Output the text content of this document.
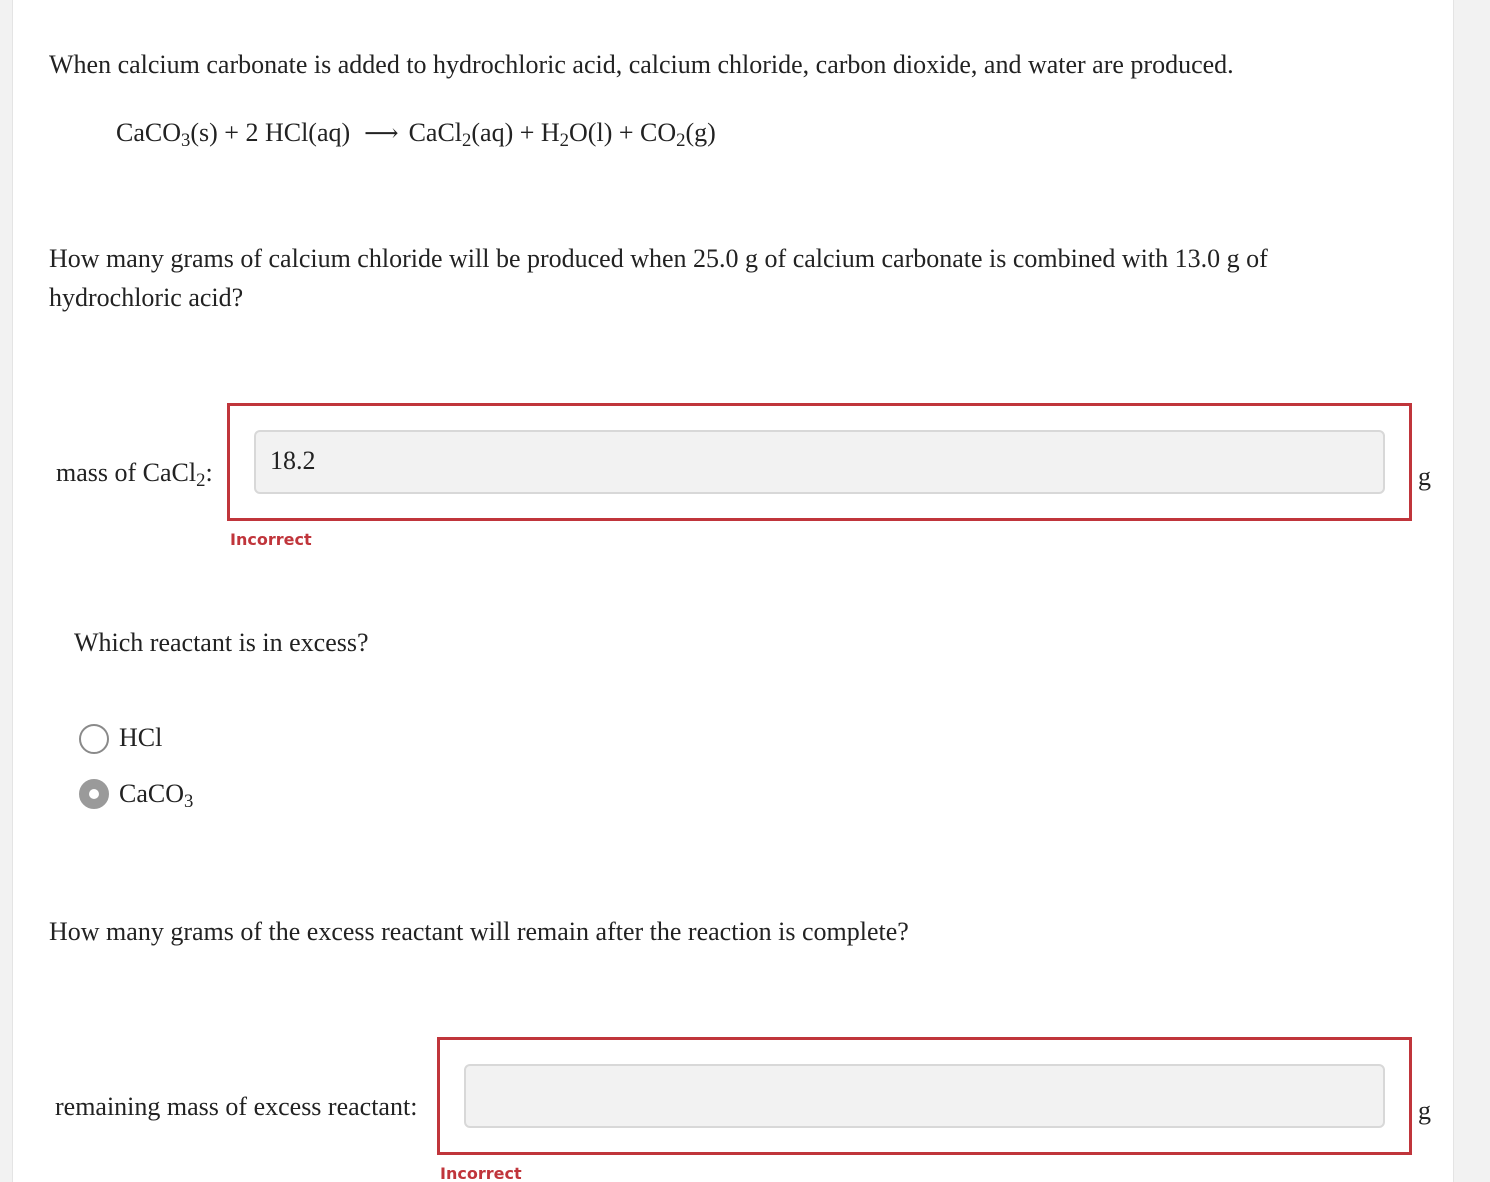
When calcium carbonate is added to hydrochloric acid, calcium chloride, carbon dioxide, and water are produced.
CaCO$_3$(s) + 2 HCl(aq) ⟶ CaCl$_2$(aq) + $H_2O(l) + CO_2(g)$
How many grams of calcium chloride will be produced when 25.0 g of calcium carbonate is combined with 13.0 g of
hydrochloric acid?
mass of CaCl$_2$:	18.2
g
Incorrect
Which reactant is in excess?
HCl
CaCO$_3$
How many grams of the excess reactant will remain after the reaction is complete?
remaining mass of excess reactant:	g
Incorrect
